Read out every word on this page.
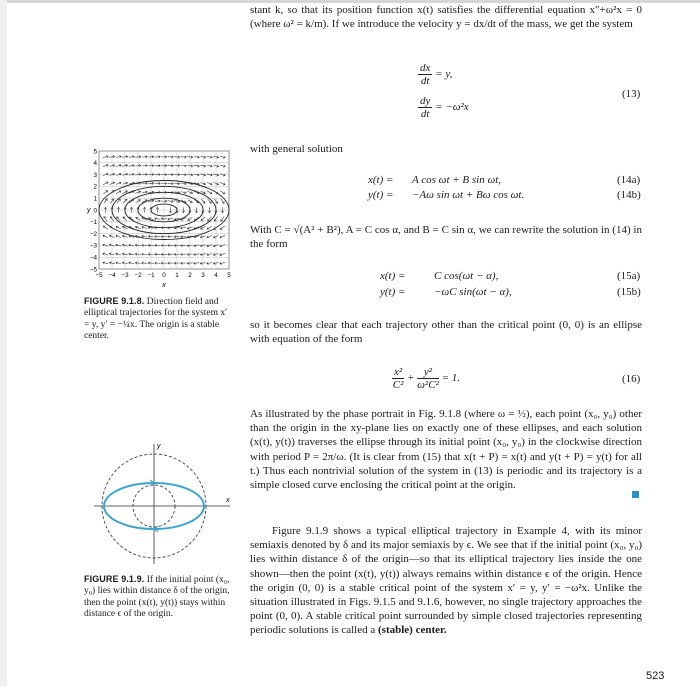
stant k, so that its position function x(t) satisfies the differential equation x″+ω²x = 0 (where ω² = k/m). If we introduce the velocity y = dx/dt of the mass, we get the system

$\frac{dx}{dt} = y$,
$\frac{dy}{dt} = -\omega^2x$
(13)

with general solution

x(t) = A cos ωt + B sin ωt,	(14a)
y(t) = −Aω sin ωt + Bω cos ωt.	(14b)

With C = √(A² + B²), A = C cos α, and B = C sin α, we can rewrite the solution in (14) in the form

x(t) =	C cos(ωt − α),	(15a)
y(t) =	−ωC sin(ωt − α),	(15b)

so it becomes clear that each trajectory other than the critical point (0, 0) is an ellipse with equation of the form

$\frac{\text{x²}}{\text{C²}} + \frac{\text{y²}}{\text{ω²C²}} = 1$.	(16)

As illustrated by the phase portrait in Fig. 9.1.8 (where ω = ½), each point (x₀, y₀) other than the origin in the xy-plane lies on exactly one of these ellipses, and each solution (x(t), y(t)) traverses the ellipse through its initial point (x₀, y₀) in the clockwise direction with period P = 2π/ω. (It is clear from (15) that x(t + P) = x(t) and y(t + P) = y(t) for all t.) Thus each nontrivial solution of the system in (13) is periodic and its trajectory is a simple closed curve enclosing the critical point at the origin.

Figure 9.1.9 shows a typical elliptical trajectory in Example 4, with its minor semiaxis denoted by δ and its major semiaxis by ϵ. We see that if the initial point (x₀, y₀) lies within distance δ of the origin—so that its elliptical trajectory lies inside the one shown—then the point (x(t), y(t)) always remains within distance ϵ of the origin. Hence the origin (0, 0) is a stable critical point of the system x′ = y, y′ = −ω²x. Unlike the situation illustrated in Figs. 9.1.5 and 9.1.6, however, no single trajectory approaches the point (0, 0). A stable critical point surrounded by simple closed trajectories representing periodic solutions is called a (stable) center.

5
4
3
2
1
0
−1
−2
−3
−4
−5
−5 −4 −3 −2 −1 0 1 2 3 4 5
x
y

FIGURE 9.1.8. Direction field and elliptical trajectories for the system x′ = y, y′ = −¼x. The origin is a stable center.

x
y

FIGURE 9.1.9. If the initial point (x₀, y₀) lies within distance δ of the origin, then the point (x(t), y(t)) stays within distance ϵ of the origin.

523
